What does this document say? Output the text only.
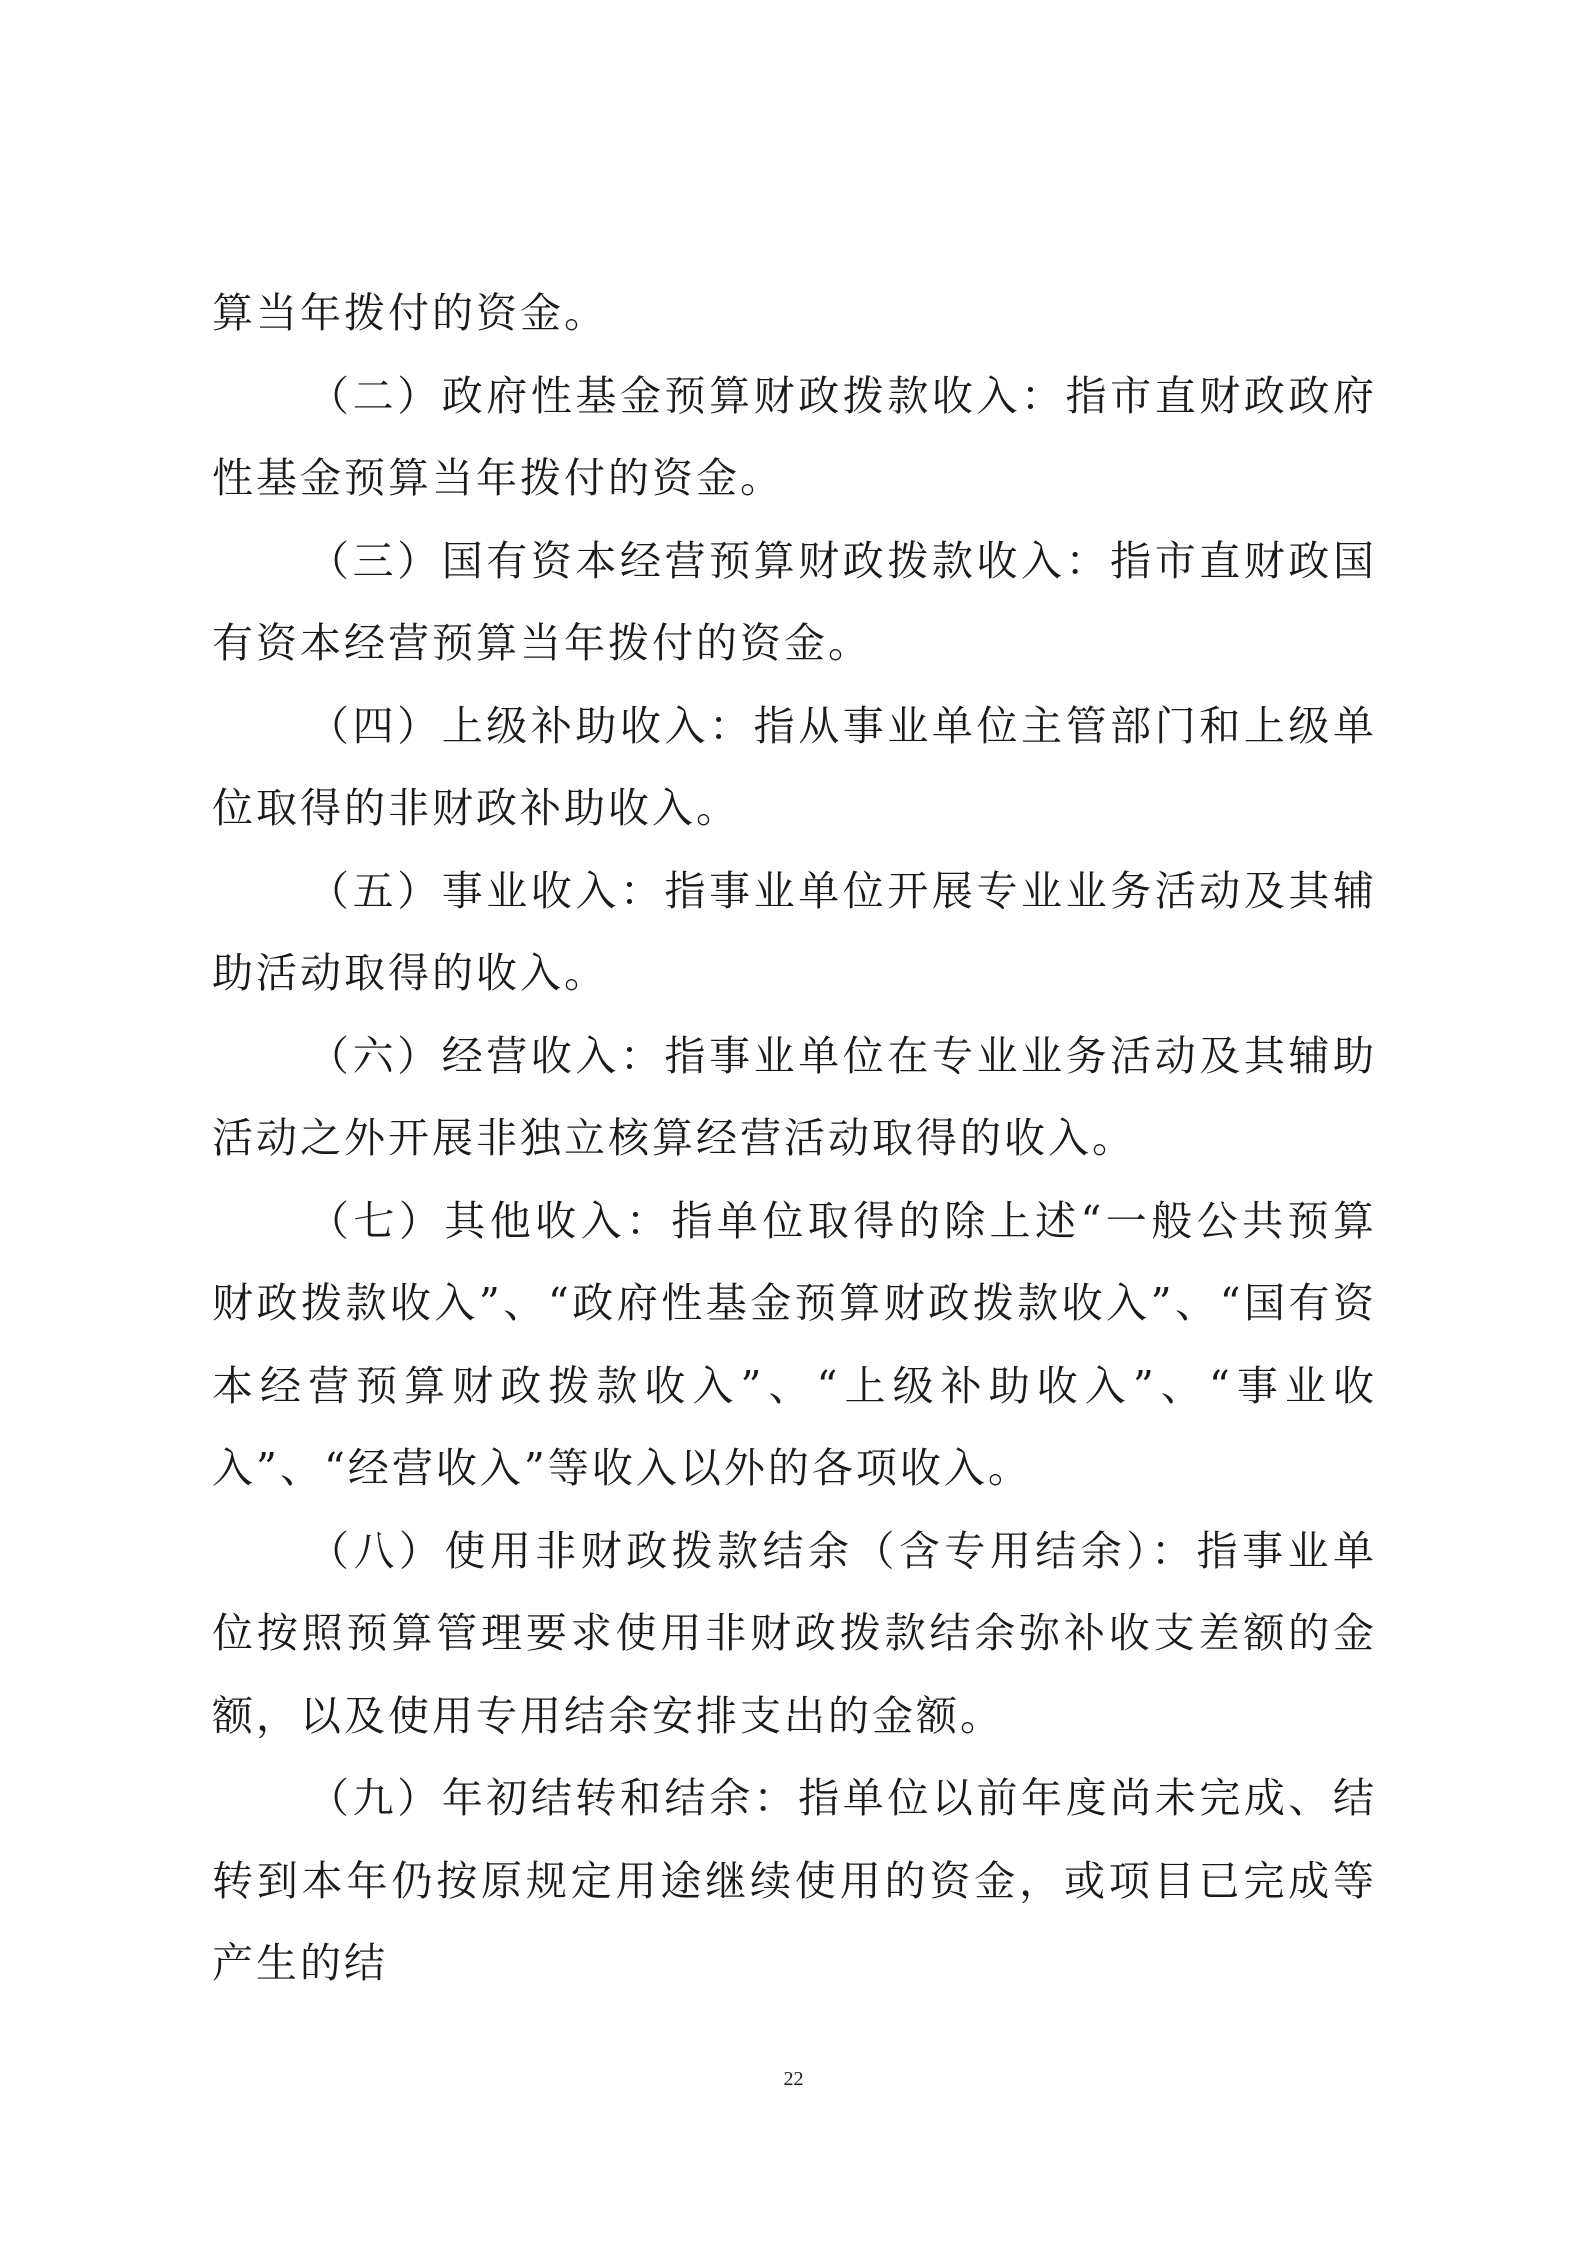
算当年拨付的资金。

（二）政府性基金预算财政拨款收入：指市直财政政府性基金预算当年拨付的资金。

（三）国有资本经营预算财政拨款收入：指市直财政国有资本经营预算当年拨付的资金。

（四）上级补助收入：指从事业单位主管部门和上级单位取得的非财政补助收入。

（五）事业收入：指事业单位开展专业业务活动及其辅助活动取得的收入。

（六）经营收入：指事业单位在专业业务活动及其辅助活动之外开展非独立核算经营活动取得的收入。

（七）其他收入：指单位取得的除上述“一般公共预算财政拨款收入”、“政府性基金预算财政拨款收入”、“国有资本经营预算财政拨款收入”、“上级补助收入”、“事业收入”、“经营收入”等收入以外的各项收入。

（八）使用非财政拨款结余（含专用结余）：指事业单位按照预算管理要求使用非财政拨款结余弥补收支差额的金额，以及使用专用结余安排支出的金额。

（九）年初结转和结余：指单位以前年度尚未完成、结转到本年仍按原规定用途继续使用的资金，或项目已完成等产生的结

22
